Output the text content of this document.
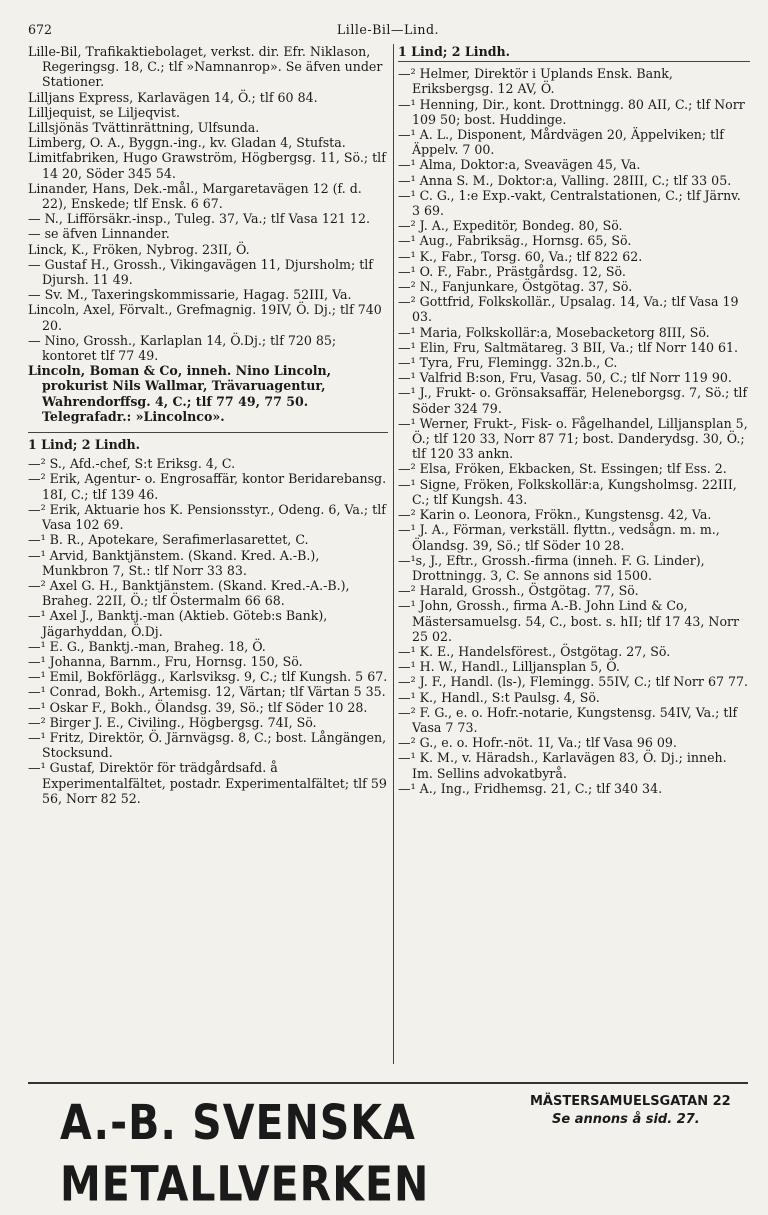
672	Lille-Bil—Lind.

Lille-Bil, Trafikaktiebolaget, verkst. dir. Efr. Niklason, Regeringsg. 18, C.; tlf »Namnanrop». Se äfven under Stationer.

Lilljans Express, Karlavägen 14, Ö.; tlf 60 84.

Lilljequist, se Liljeqvist.

Lillsjönäs Tvättinrättning, Ulfsunda.

Limberg, O. A., Byggn.-ing., kv. Gladan 4, Stufsta.

Limitfabriken, Hugo Grawström, Högbergsg. 11, Sö.; tlf 14 20, Söder 345 54.

Linander, Hans, Dek.-mål., Margaretavägen 12 (f. d. 22), Enskede; tlf Ensk. 6 67.

— N., Lifförsäkr.-insp., Tuleg. 37, Va.; tlf Vasa 121 12.

— se äfven Linnander.

Linck, K., Fröken, Nybrog. 23II, Ö.

— Gustaf H., Grossh., Vikingavägen 11, Djursholm; tlf Djursh. 11 49.

— Sv. M., Taxeringskommissarie, Hagag. 52III, Va.

Lincoln, Axel, Förvalt., Grefmagnig. 19IV, Ö. Dj.; tlf 740 20.

— Nino, Grossh., Karlaplan 14, Ö.Dj.; tlf 720 85; kontoret tlf 77 49.

Lincoln, Boman & Co, inneh. Nino Lincoln, prokurist Nils Wallmar, Trävaruagentur, Wahrendorffsg. 4, C.; tlf 77 49, 77 50. Telegrafadr.: »Lincolnco».

1 Lind; 2 Lindh.

—² S., Afd.-chef, S:t Eriksg. 4, C.

—² Erik, Agentur- o. Engrosaffär, kontor Beridarebansg. 18I, C.; tlf 139 46.

—² Erik, Aktuarie hos K. Pensionsstyr., Odeng. 6, Va.; tlf Vasa 102 69.

—¹ B. R., Apotekare, Serafimerlasarettet, C.

—¹ Arvid, Banktjänstem. (Skand. Kred. A.-B.), Munkbron 7, St.: tlf Norr 33 83.

—² Axel G. H., Banktjänstem. (Skand. Kred.-A.-B.), Braheg. 22II, Ö.; tlf Östermalm 66 68.

—¹ Axel J., Banktj.-man (Aktieb. Göteb:s Bank), Jägarhyddan, Ö.Dj.

—¹ E. G., Banktj.-man, Braheg. 18, Ö.

—¹ Johanna, Barnm., Fru, Hornsg. 150, Sö.

—¹ Emil, Bokförlägg., Karlsviksg. 9, C.; tlf Kungsh. 5 67.

—¹ Conrad, Bokh., Artemisg. 12, Värtan; tlf Värtan 5 35.

—¹ Oskar F., Bokh., Ölandsg. 39, Sö.; tlf Söder 10 28.

—² Birger J. E., Civiling., Högbergsg. 74I, Sö.

—¹ Fritz, Direktör, Ö. Järnvägsg. 8, C.; bost. Långängen, Stocksund.

—¹ Gustaf, Direktör för trädgårdsafd. å Experimentalfältet, postadr. Experimentalfältet; tlf 59 56, Norr 82 52.

1 Lind; 2 Lindh.

—² Helmer, Direktör i Uplands Ensk. Bank, Eriksbergsg. 12 AV, Ö.

—¹ Henning, Dir., kont. Drottningg. 80 AII, C.; tlf Norr 109 50; bost. Huddinge.

—¹ A. L., Disponent, Mårdvägen 20, Äppelviken; tlf Äppelv. 7 00.

—¹ Alma, Doktor:a, Sveavägen 45, Va.

—¹ Anna S. M., Doktor:a, Valling. 28III, C.; tlf 33 05.

—¹ C. G., 1:e Exp.-vakt, Centralstationen, C.; tlf Järnv. 3 69.

—² J. A., Expeditör, Bondeg. 80, Sö.

—¹ Aug., Fabriksäg., Hornsg. 65, Sö.

—¹ K., Fabr., Torsg. 60, Va.; tlf 822 62.

—¹ O. F., Fabr., Prästgårdsg. 12, Sö.

—² N., Fanjunkare, Östgötag. 37, Sö.

—² Gottfrid, Folkskollär., Upsalag. 14, Va.; tlf Vasa 19 03.

—¹ Maria, Folkskollär:a, Mosebacketorg 8III, Sö.

—¹ Elin, Fru, Saltmätareg. 3 BII, Va.; tlf Norr 140 61.

—¹ Tyra, Fru, Flemingg. 32n.b., C.

—¹ Valfrid B:son, Fru, Vasag. 50, C.; tlf Norr 119 90.

—¹ J., Frukt- o. Grönsaksaffär, Heleneborgsg. 7, Sö.; tlf Söder 324 79.

—¹ Werner, Frukt-, Fisk- o. Fågelhandel, Lilljansplan 5, Ö.; tlf 120 33, Norr 87 71; bost. Danderydsg. 30, Ö.; tlf 120 33 ankn.

—² Elsa, Fröken, Ekbacken, St. Essingen; tlf Ess. 2.

—¹ Signe, Fröken, Folkskollär:a, Kungsholmsg. 22III, C.; tlf Kungsh. 43.

—² Karin o. Leonora, Frökn., Kungstensg. 42, Va.

—¹ J. A., Förman, verkställ. flyttn., vedsågn. m. m., Ölandsg. 39, Sö.; tlf Söder 10 28.

—¹s, J., Eftr., Grossh.-firma (inneh. F. G. Linder), Drottningg. 3, C. Se annons sid 1500.

—² Harald, Grossh., Östgötag. 77, Sö.

—¹ John, Grossh., firma A.-B. John Lind & Co, Mästersamuelsg. 54, C., bost. s. hII; tlf 17 43, Norr 25 02.

—¹ K. E., Handelsförest., Östgötag. 27, Sö.

—¹ H. W., Handl., Lilljansplan 5, Ö.

—² J. F., Handl. (ls-), Flemingg. 55IV, C.; tlf Norr 67 77.

—¹ K., Handl., S:t Paulsg. 4, Sö.

—² F. G., e. o. Hofr.-notarie, Kungstensg. 54IV, Va.; tlf Vasa 7 73.

—² G., e. o. Hofr.-nöt. 1I, Va.; tlf Vasa 96 09.

—¹ K. M., v. Häradsh., Karlavägen 83, Ö. Dj.; inneh. Im. Sellins advokatbyrå.

—¹ A., Ing., Fridhemsg. 21, C.; tlf 340 34.

A.-B. SVENSKA METALLVERKEN
MÄSTERSAMUELSGATAN 22
Se annons å sid. 27.
